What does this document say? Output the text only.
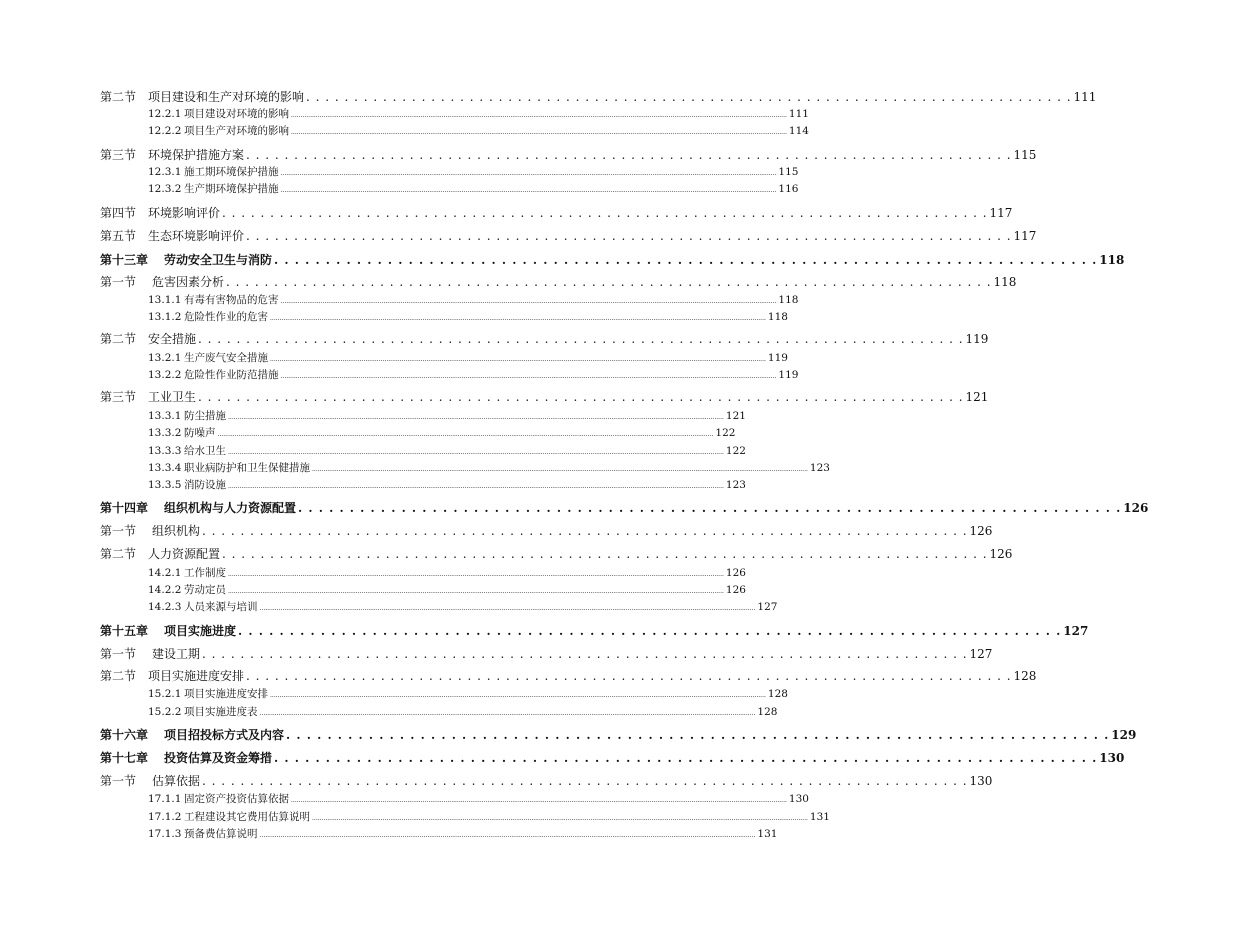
第二节 项目建设和生产对环境的影响 . . . . . . . . . . . . . . . . . . . . . . . . . . . . . . . . . . . . . . . . . . . . . . . . . . . . . . . . . . . . . . . . . . . . . . . . . . . . . . . . 111
12.2.1 项目建设对环境的影响 .................................................................................................................................................................................................................................................................... 111
12.2.2 项目生产对环境的影响 .................................................................................................................................................................................................................................................................... 114
第三节 环境保护措施方案 . . . . . . . . . . . . . . . . . . . . . . . . . . . . . . . . . . . . . . . . . . . . . . . . . . . . . . . . . . . . . . . . . . . . . . . . . . . . . . . . 115
12.3.1 施工期环境保护措施 .................................................................................................................................................................................................................................................................... 115
12.3.2 生产期环境保护措施 .................................................................................................................................................................................................................................................................... 116
第四节 环境影响评价 . . . . . . . . . . . . . . . . . . . . . . . . . . . . . . . . . . . . . . . . . . . . . . . . . . . . . . . . . . . . . . . . . . . . . . . . . . . . . . . . 117
第五节 生态环境影响评价 . . . . . . . . . . . . . . . . . . . . . . . . . . . . . . . . . . . . . . . . . . . . . . . . . . . . . . . . . . . . . . . . . . . . . . . . . . . . . . . . 117
第十三章 劳动安全卫生与消防 . . . . . . . . . . . . . . . . . . . . . . . . . . . . . . . . . . . . . . . . . . . . . . . . . . . . . . . . . . . . . . . . . . . . . . . . . . . . . . . . 118
第一节 危害因素分析 . . . . . . . . . . . . . . . . . . . . . . . . . . . . . . . . . . . . . . . . . . . . . . . . . . . . . . . . . . . . . . . . . . . . . . . . . . . . . . . . 118
13.1.1 有毒有害物品的危害 .................................................................................................................................................................................................................................................................... 118
13.1.2 危险性作业的危害 .................................................................................................................................................................................................................................................................... 118
第二节 安全措施 . . . . . . . . . . . . . . . . . . . . . . . . . . . . . . . . . . . . . . . . . . . . . . . . . . . . . . . . . . . . . . . . . . . . . . . . . . . . . . . . 119
13.2.1 生产废气安全措施 .................................................................................................................................................................................................................................................................... 119
13.2.2 危险性作业防范措施 .................................................................................................................................................................................................................................................................... 119
第三节 工业卫生 . . . . . . . . . . . . . . . . . . . . . . . . . . . . . . . . . . . . . . . . . . . . . . . . . . . . . . . . . . . . . . . . . . . . . . . . . . . . . . . . 121
13.3.1 防尘措施 .................................................................................................................................................................................................................................................................... 121
13.3.2 防噪声 .................................................................................................................................................................................................................................................................... 122
13.3.3 给水卫生 .................................................................................................................................................................................................................................................................... 122
13.3.4 职业病防护和卫生保健措施 .................................................................................................................................................................................................................................................................... 123
13.3.5 消防设施 .................................................................................................................................................................................................................................................................... 123
第十四章 组织机构与人力资源配置 . . . . . . . . . . . . . . . . . . . . . . . . . . . . . . . . . . . . . . . . . . . . . . . . . . . . . . . . . . . . . . . . . . . . . . . . . . . . . . . . 126
第一节 组织机构 . . . . . . . . . . . . . . . . . . . . . . . . . . . . . . . . . . . . . . . . . . . . . . . . . . . . . . . . . . . . . . . . . . . . . . . . . . . . . . . . 126
第二节 人力资源配置 . . . . . . . . . . . . . . . . . . . . . . . . . . . . . . . . . . . . . . . . . . . . . . . . . . . . . . . . . . . . . . . . . . . . . . . . . . . . . . . . 126
14.2.1 工作制度 .................................................................................................................................................................................................................................................................... 126
14.2.2 劳动定员 .................................................................................................................................................................................................................................................................... 126
14.2.3 人员来源与培训 .................................................................................................................................................................................................................................................................... 127
第十五章 项目实施进度 . . . . . . . . . . . . . . . . . . . . . . . . . . . . . . . . . . . . . . . . . . . . . . . . . . . . . . . . . . . . . . . . . . . . . . . . . . . . . . . . 127
第一节 建设工期 . . . . . . . . . . . . . . . . . . . . . . . . . . . . . . . . . . . . . . . . . . . . . . . . . . . . . . . . . . . . . . . . . . . . . . . . . . . . . . . . 127
第二节 项目实施进度安排 . . . . . . . . . . . . . . . . . . . . . . . . . . . . . . . . . . . . . . . . . . . . . . . . . . . . . . . . . . . . . . . . . . . . . . . . . . . . . . . . 128
15.2.1 项目实施进度安排 .................................................................................................................................................................................................................................................................... 128
15.2.2 项目实施进度表 .................................................................................................................................................................................................................................................................... 128
第十六章 项目招投标方式及内容 . . . . . . . . . . . . . . . . . . . . . . . . . . . . . . . . . . . . . . . . . . . . . . . . . . . . . . . . . . . . . . . . . . . . . . . . . . . . . . . . 129
第十七章 投资估算及资金筹措 . . . . . . . . . . . . . . . . . . . . . . . . . . . . . . . . . . . . . . . . . . . . . . . . . . . . . . . . . . . . . . . . . . . . . . . . . . . . . . . . 130
第一节 估算依据 . . . . . . . . . . . . . . . . . . . . . . . . . . . . . . . . . . . . . . . . . . . . . . . . . . . . . . . . . . . . . . . . . . . . . . . . . . . . . . . . 130
17.1.1 固定资产投资估算依据 .................................................................................................................................................................................................................................................................... 130
17.1.2 工程建设其它费用估算说明 .................................................................................................................................................................................................................................................................... 131
17.1.3 预备费估算说明 .................................................................................................................................................................................................................................................................... 131
